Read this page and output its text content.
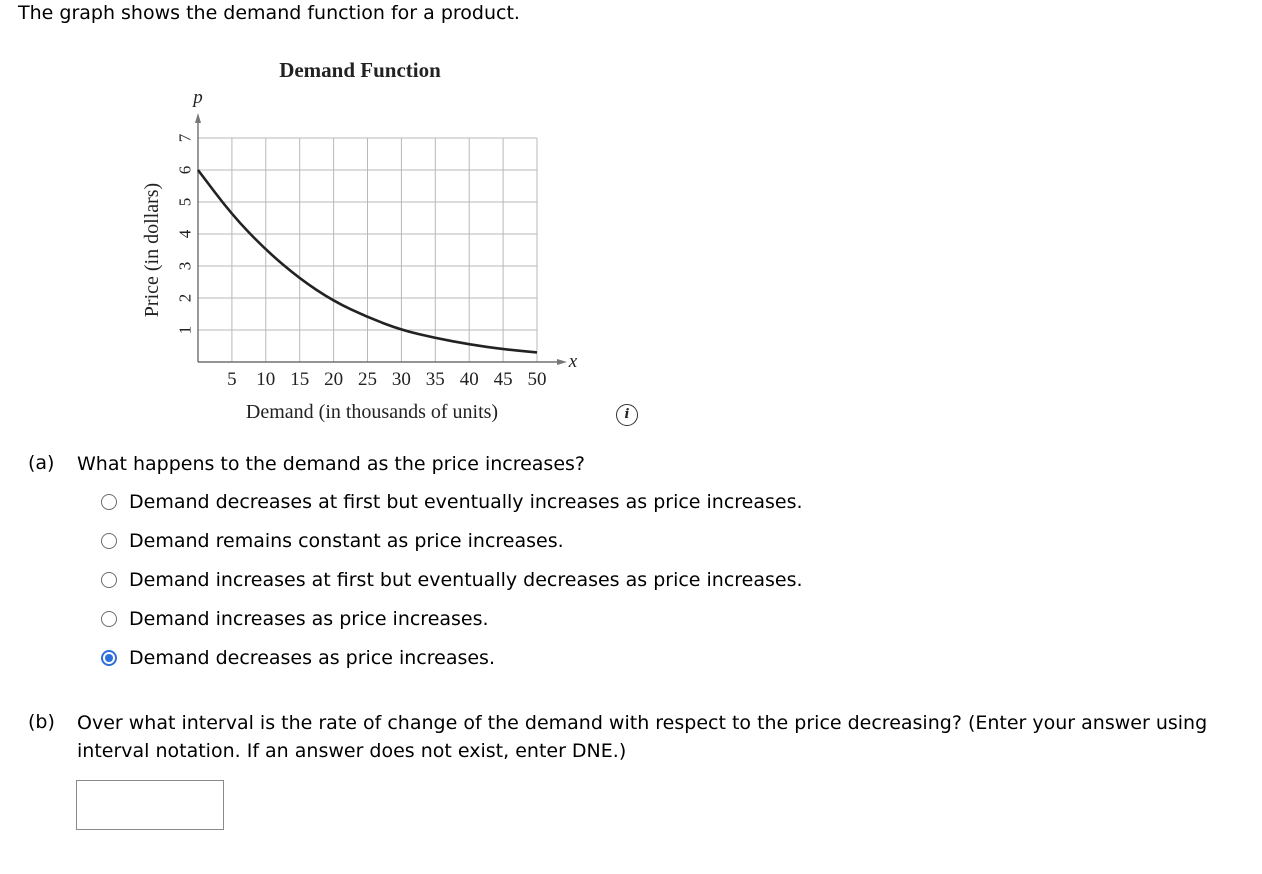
The graph shows the demand function for a product.
5 10 15 20 25 30 35 40 45 50
1
2
3
4
5
6
7
Demand Function
Demand (in thousands of units)
Price (in dollars)
x
p
i
(a) What happens to the demand as the price increases?
Demand decreases at first but eventually increases as price increases.
Demand remains constant as price increases.
Demand increases at first but eventually decreases as price increases.
Demand increases as price increases.
Demand decreases as price increases.
(b) Over what interval is the rate of change of the demand with respect to the price decreasing? (Enter your answer using
interval notation. If an answer does not exist, enter DNE.)
